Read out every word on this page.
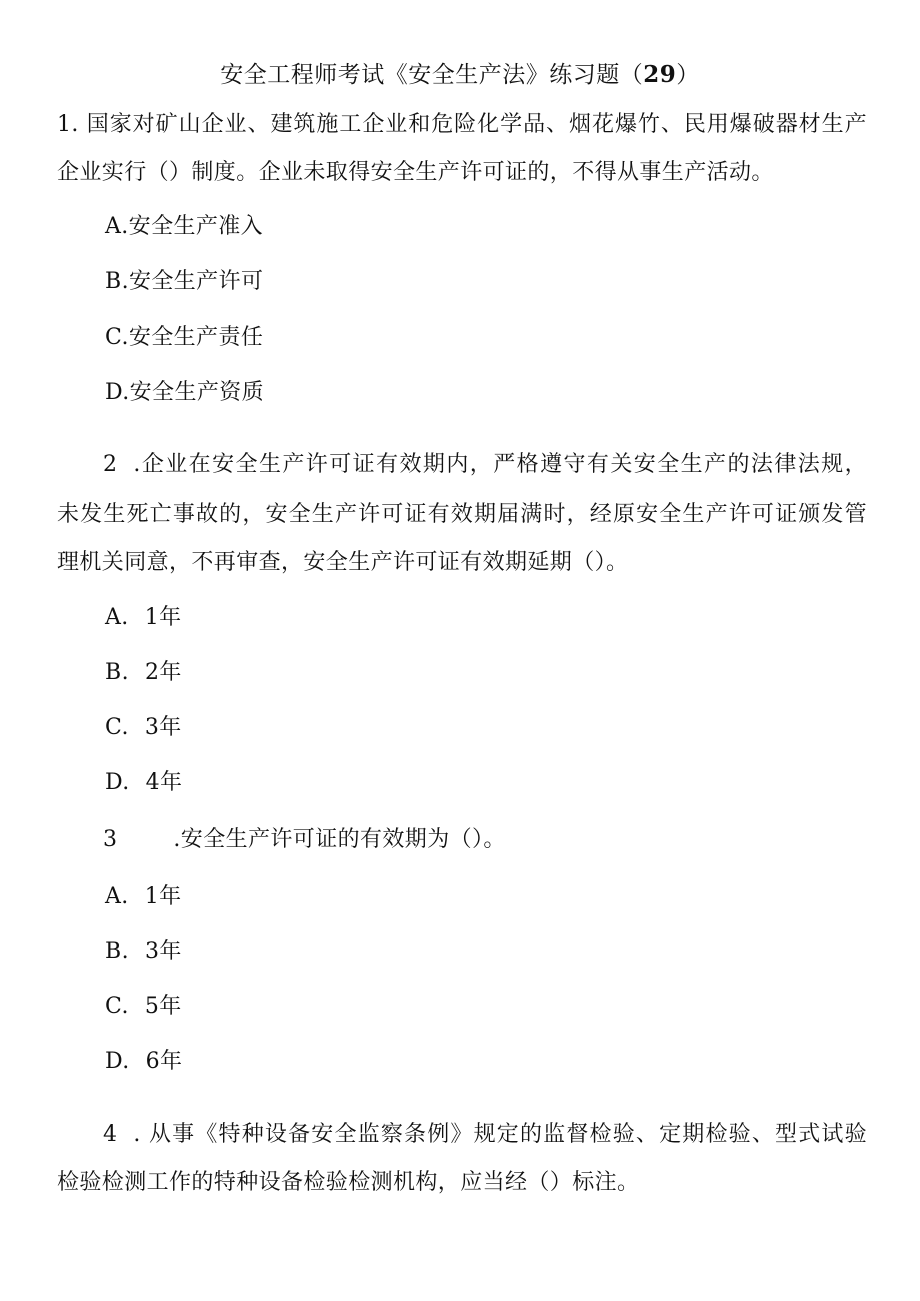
安全工程师考试《安全生产法》练习题（29）
1. 国家对矿山企业、建筑施工企业和危险化学品、烟花爆竹、民用爆破器材生产
企业实行（）制度。企业未取得安全生产许可证的，不得从事生产活动。
A.安全生产准入
B.安全生产许可
C.安全生产责任
D.安全生产资质
2 .企业在安全生产许可证有效期内，严格遵守有关安全生产的法律法规，
未发生死亡事故的，安全生产许可证有效期届满时，经原安全生产许可证颁发管
理机关同意，不再审查，安全生产许可证有效期延期（）。
A. 1年
B. 2年
C. 3年
D. 4年
3	.安全生产许可证的有效期为（）。
A. 1年
B. 3年
C. 5年
D. 6年
4 . 从事《特种设备安全监察条例》规定的监督检验、定期检验、型式试验
检验检测工作的特种设备检验检测机构，应当经（）标注。
